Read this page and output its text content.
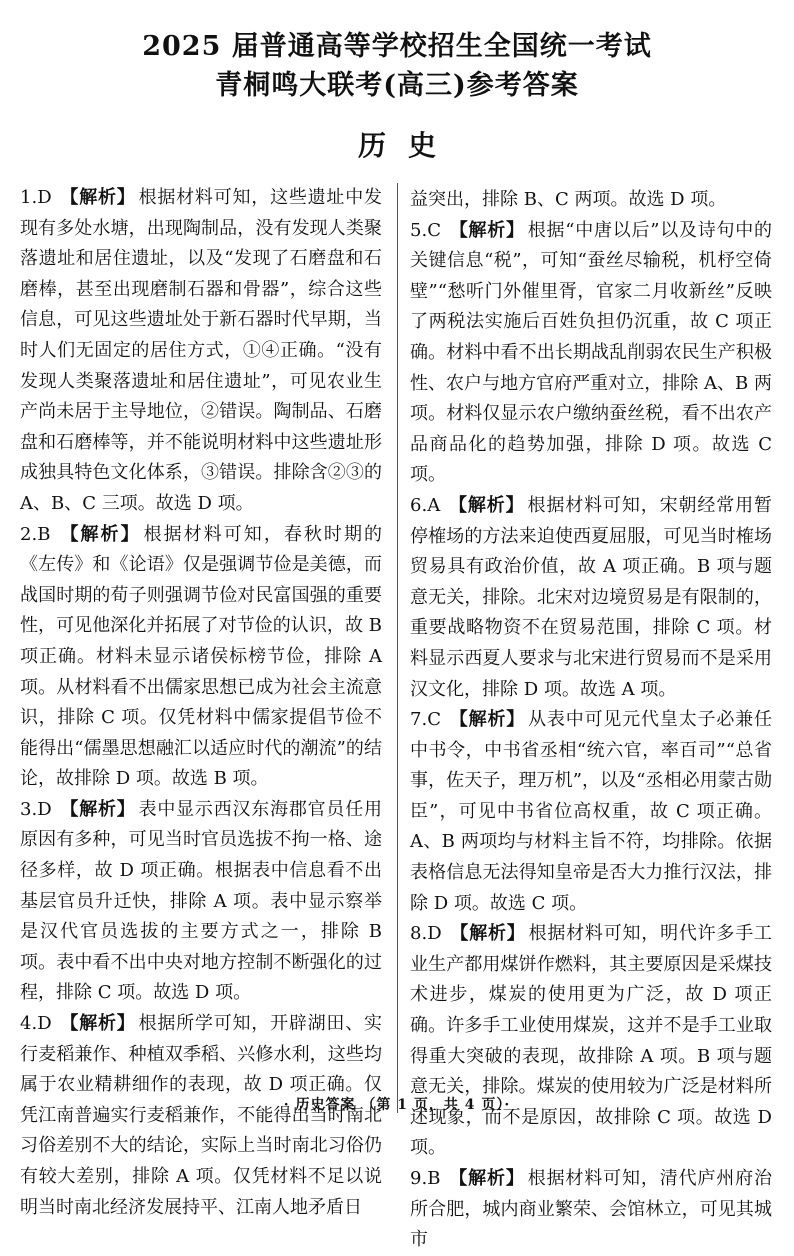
2025 届普通高等学校招生全国统一考试
青桐鸣大联考(高三)参考答案
历史
1.D 【解析】 根据材料可知，这些遗址中发现有多处水塘，出现陶制品，没有发现人类聚落遗址和居住遗址，以及“发现了石磨盘和石磨棒，甚至出现磨制石器和骨器”，综合这些信息，可见这些遗址处于新石器时代早期，当时人们无固定的居住方式，①④正确。“没有发现人类聚落遗址和居住遗址”，可见农业生产尚未居于主导地位，②错误。陶制品、石磨盘和石磨棒等，并不能说明材料中这些遗址形成独具特色文化体系，③错误。排除含②③的 A、B、C 三项。故选 D 项。
2.B 【解析】 根据材料可知，春秋时期的《左传》和《论语》仅是强调节俭是美德，而战国时期的荀子则强调节俭对民富国强的重要性，可见他深化并拓展了对节俭的认识，故 B 项正确。材料未显示诸侯标榜节俭，排除 A 项。从材料看不出儒家思想已成为社会主流意识，排除 C 项。仅凭材料中儒家提倡节俭不能得出“儒墨思想融汇以适应时代的潮流”的结论，故排除 D 项。故选 B 项。
3.D 【解析】 表中显示西汉东海郡官员任用原因有多种，可见当时官员选拔不拘一格、途径多样，故 D 项正确。根据表中信息看不出基层官员升迁快，排除 A 项。表中显示察举是汉代官员选拔的主要方式之一，排除 B 项。表中看不出中央对地方控制不断强化的过程，排除 C 项。故选 D 项。
4.D 【解析】 根据所学可知，开辟湖田、实行麦稻兼作、种植双季稻、兴修水利，这些均属于农业精耕细作的表现，故 D 项正确。仅凭江南普遍实行麦稻兼作，不能得出当时南北习俗差别不大的结论，实际上当时南北习俗仍有较大差别，排除 A 项。仅凭材料不足以说明当时南北经济发展持平、江南人地矛盾日
益突出，排除 B、C 两项。故选 D 项。
5.C 【解析】 根据“中唐以后”以及诗句中的关键信息“税”，可知“蚕丝尽输税，机杼空倚壁”“愁听门外催里胥，官家二月收新丝”反映了两税法实施后百姓负担仍沉重，故 C 项正确。材料中看不出长期战乱削弱农民生产积极性、农户与地方官府严重对立，排除 A、B 两项。材料仅显示农户缴纳蚕丝税，看不出农产品商品化的趋势加强，排除 D 项。故选 C 项。
6.A 【解析】 根据材料可知，宋朝经常用暂停榷场的方法来迫使西夏屈服，可见当时榷场贸易具有政治价值，故 A 项正确。B 项与题意无关，排除。北宋对边境贸易是有限制的，重要战略物资不在贸易范围，排除 C 项。材料显示西夏人要求与北宋进行贸易而不是采用汉文化，排除 D 项。故选 A 项。
7.C 【解析】 从表中可见元代皇太子必兼任中书令，中书省丞相“统六官，率百司”“总省事，佐天子，理万机”，以及“丞相必用蒙古勋臣”，可见中书省位高权重，故 C 项正确。A、B 两项均与材料主旨不符，均排除。依据表格信息无法得知皇帝是否大力推行汉法，排除 D 项。故选 C 项。
8.D 【解析】 根据材料可知，明代许多手工业生产都用煤饼作燃料，其主要原因是采煤技术进步，煤炭的使用更为广泛，故 D 项正确。许多手工业使用煤炭，这并不是手工业取得重大突破的表现，故排除 A 项。B 项与题意无关，排除。煤炭的使用较为广泛是材料所述现象，而不是原因，故排除 C 项。故选 D 项。
9.B 【解析】 根据材料可知，清代庐州府治所合肥，城内商业繁荣、会馆林立，可见其城市
· 历史答案 （第 1 页，共 4 页）·
